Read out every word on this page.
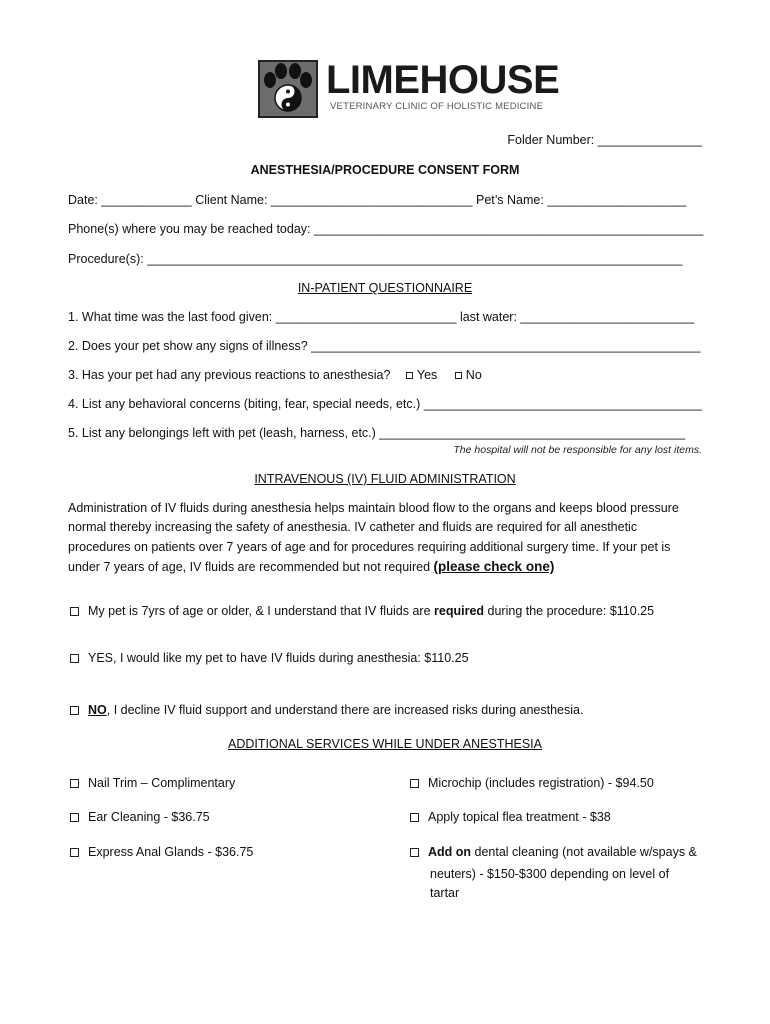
LIMEHOUSE
VETERINARY CLINIC OF HOLISTIC MEDICINE
Folder Number: _______________
ANESTHESIA/PROCEDURE CONSENT FORM
Date: _____________ Client Name: _____________________________ Pet’s Name: ____________________
Phone(s) where you may be reached today: ________________________________________________________
Procedure(s): _____________________________________________________________________________
IN-PATIENT QUESTIONNAIRE
1. What time was the last food given: __________________________ last water: _________________________
2. Does your pet show any signs of illness? ________________________________________________________
3. Has your pet had any previous reactions to anesthesia? Yes No
4. List any behavioral concerns (biting, fear, special needs, etc.) ________________________________________
5. List any belongings left with pet (leash, harness, etc.) ____________________________________________
The hospital will not be responsible for any lost items.
INTRAVENOUS (IV) FLUID ADMINISTRATION
Administration of IV fluids during anesthesia helps maintain blood flow to the organs and keeps blood pressure normal thereby increasing the safety of anesthesia. IV catheter and fluids are required for all anesthetic procedures on patients over 7 years of age and for procedures requiring additional surgery time. If your pet is under 7 years of age, IV fluids are recommended but not required (please check one)
My pet is 7yrs of age or older, & I understand that IV fluids are required during the procedure: $110.25
YES, I would like my pet to have IV fluids during anesthesia: $110.25
NO, I decline IV fluid support and understand there are increased risks during anesthesia.
ADDITIONAL SERVICES WHILE UNDER ANESTHESIA
Nail Trim – Complimentary
Ear Cleaning - $36.75
Express Anal Glands - $36.75
Microchip (includes registration) - $94.50
Apply topical flea treatment - $38
Add on dental cleaning (not available w/spays &
neuters) - $150-$300 depending on level of
tartar
